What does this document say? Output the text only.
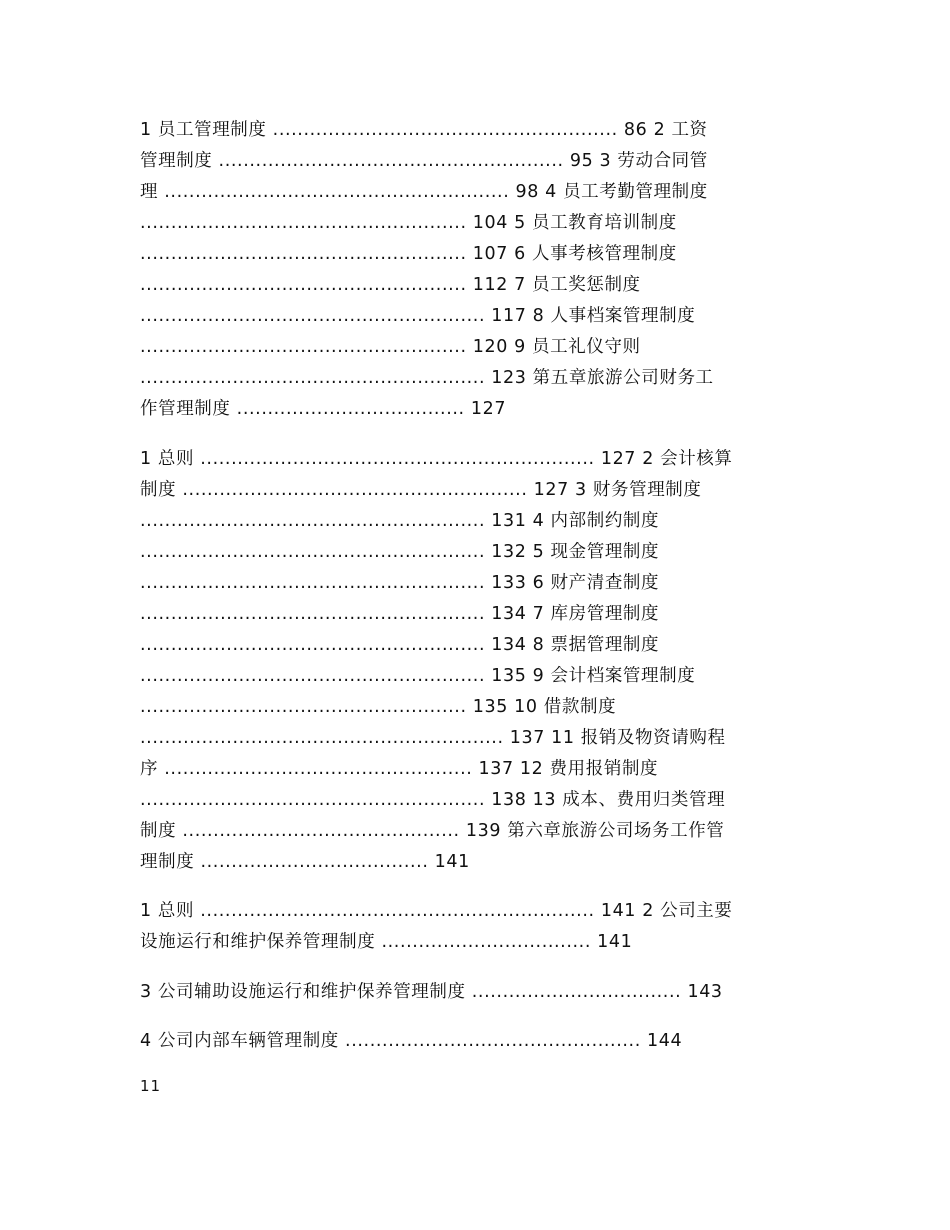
1 员工管理制度 ........................................................ 86 2 工资
管理制度 ........................................................ 95 3 劳动合同管
理 ........................................................ 98 4 员工考勤管理制度
..................................................... 104 5 员工教育培训制度
..................................................... 107 6 人事考核管理制度
..................................................... 112 7 员工奖惩制度
........................................................ 117 8 人事档案管理制度
..................................................... 120 9 员工礼仪守则
........................................................ 123 第五章旅游公司财务工
作管理制度 ..................................... 127
1 总则 ................................................................ 127 2 会计核算
制度 ........................................................ 127 3 财务管理制度
........................................................ 131 4 内部制约制度
........................................................ 132 5 现金管理制度
........................................................ 133 6 财产清查制度
........................................................ 134 7 库房管理制度
........................................................ 134 8 票据管理制度
........................................................ 135 9 会计档案管理制度
..................................................... 135 10 借款制度
........................................................... 137 11 报销及物资请购程
序 .................................................. 137 12 费用报销制度
........................................................ 138 13 成本、费用归类管理
制度 ............................................. 139 第六章旅游公司场务工作管
理制度 ..................................... 141
1 总则 ................................................................ 141 2 公司主要
设施运行和维护保养管理制度 .................................. 141
3 公司辅助设施运行和维护保养管理制度 .................................. 143
4 公司内部车辆管理制度 ................................................ 144
11
